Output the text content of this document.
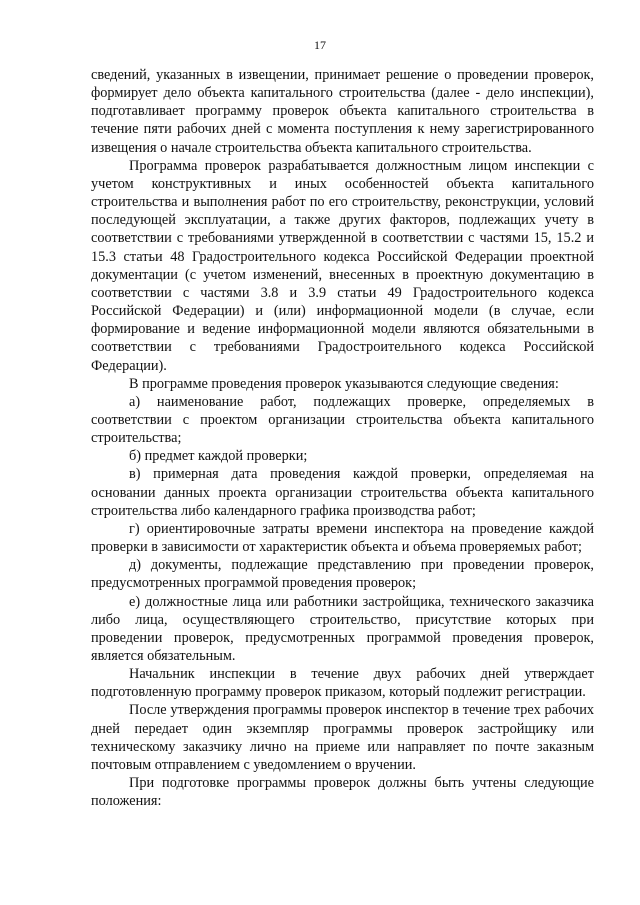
17

сведений, указанных в извещении, принимает решение о проведении проверок, формирует дело объекта капитального строительства (далее - дело инспекции), подготавливает программу проверок объекта капитального строительства в течение пяти рабочих дней с момента поступления к нему зарегистрированного извещения о начале строительства объекта капитального строительства.

Программа проверок разрабатывается должностным лицом инспекции с учетом конструктивных и иных особенностей объекта капитального строительства и выполнения работ по его строительству, реконструкции, условий последующей эксплуатации, а также других факторов, подлежащих учету в соответствии с требованиями утвержденной в соответствии с частями 15, 15.2 и 15.3 статьи 48 Градостроительного кодекса Российской Федерации проектной документации (с учетом изменений, внесенных в проектную документацию в соответствии с частями 3.8 и 3.9 статьи 49 Градостроительного кодекса Российской Федерации) и (или) информационной модели (в случае, если формирование и ведение информационной модели являются обязательными в соответствии с требованиями Градостроительного кодекса Российской Федерации).

В программе проведения проверок указываются следующие сведения:

а) наименование работ, подлежащих проверке, определяемых в соответствии с проектом организации строительства объекта капитального строительства;

б) предмет каждой проверки;

в) примерная дата проведения каждой проверки, определяемая на основании данных проекта организации строительства объекта капитального строительства либо календарного графика производства работ;

г) ориентировочные затраты времени инспектора на проведение каждой проверки в зависимости от характеристик объекта и объема проверяемых работ;

д) документы, подлежащие представлению при проведении проверок, предусмотренных программой проведения проверок;

е) должностные лица или работники застройщика, технического заказчика либо лица, осуществляющего строительство, присутствие которых при проведении проверок, предусмотренных программой проведения проверок, является обязательным.

Начальник инспекции в течение двух рабочих дней утверждает подготовленную программу проверок приказом, который подлежит регистрации.

После утверждения программы проверок инспектор в течение трех рабочих дней передает один экземпляр программы проверок застройщику или техническому заказчику лично на приеме или направляет по почте заказным почтовым отправлением с уведомлением о вручении.

При подготовке программы проверок должны быть учтены следующие положения:
